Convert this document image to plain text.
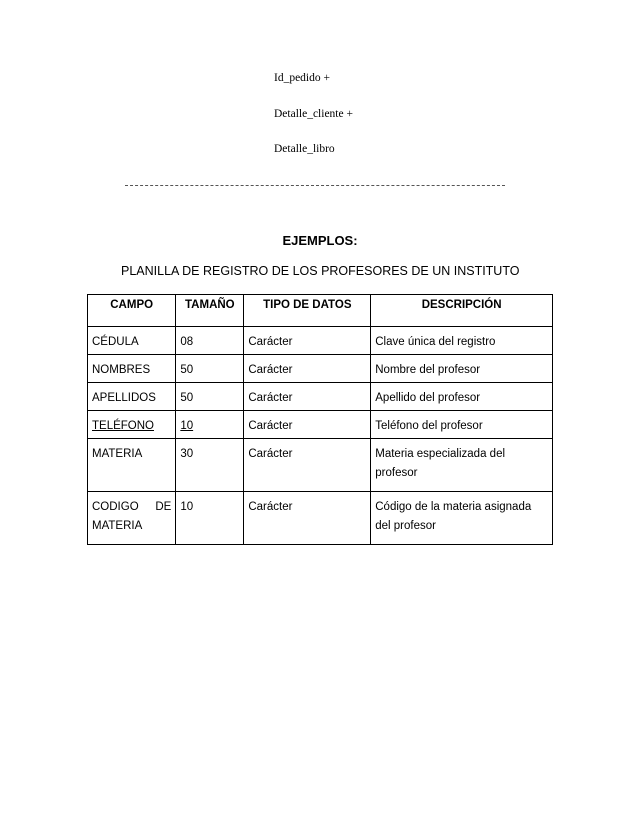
Id_pedido +
Detalle_cliente +
Detalle_libro
EJEMPLOS:
PLANILLA DE REGISTRO DE LOS PROFESORES DE UN INSTITUTO
CAMPO	TAMAÑO	TIPO DE DATOS	DESCRIPCIÓN
CÉDULA	08	Carácter	Clave única del registro
NOMBRES	50	Carácter	Nombre del profesor
APELLIDOS	50	Carácter	Apellido del profesor
TELÉFONO	10	Carácter	Teléfono del profesor
MATERIA	30	Carácter	Materia especializada del profesor
CODIGO DE MATERIA	10	Carácter	Código de la materia asignada del profesor
